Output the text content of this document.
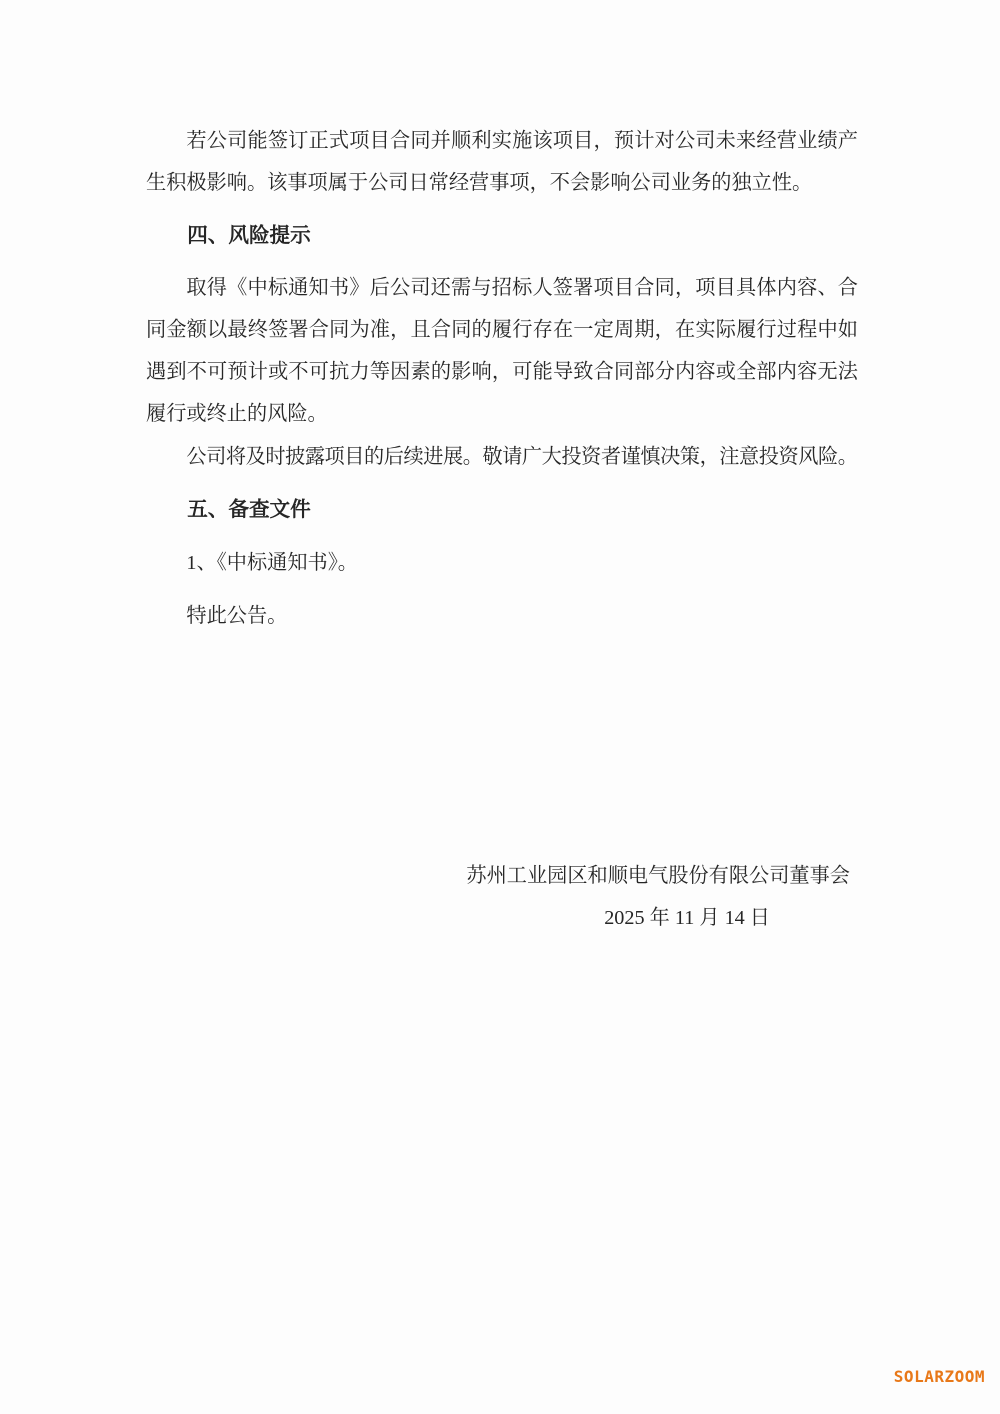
若公司能签订正式项目合同并顺利实施该项目，预计对公司未来经营业绩产生积极影响。该事项属于公司日常经营事项，不会影响公司业务的独立性。

四、风险提示

取得《中标通知书》后公司还需与招标人签署项目合同，项目具体内容、合同金额以最终签署合同为准，且合同的履行存在一定周期，在实际履行过程中如遇到不可预计或不可抗力等因素的影响，可能导致合同部分内容或全部内容无法履行或终止的风险。

公司将及时披露项目的后续进展。敬请广大投资者谨慎决策，注意投资风险。

五、备查文件

1、《中标通知书》。

特此公告。

苏州工业园区和顺电气股份有限公司董事会
2025 年 11 月 14 日
SOLARZOOM
